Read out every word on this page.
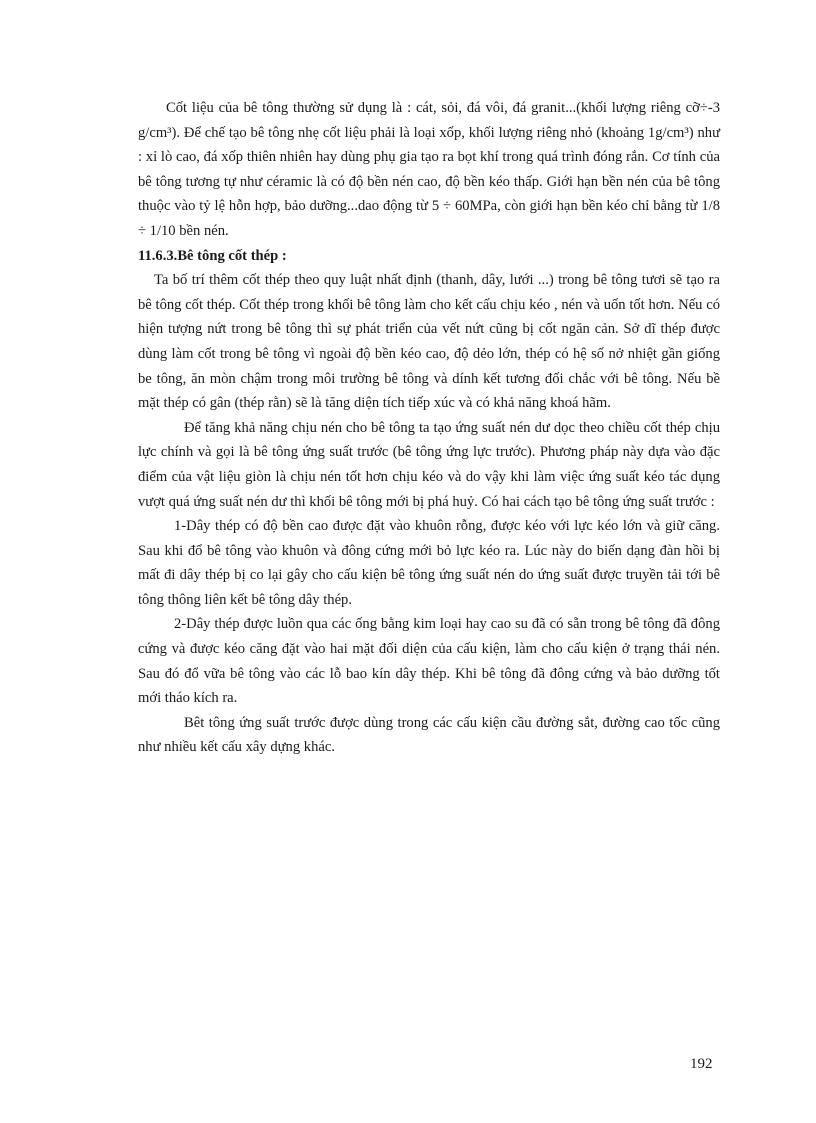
Cốt liệu của bê tông thường sử dụng là : cát, sỏi, đá vôi, đá granit...(khối lượng riêng cỡ÷-3 g/cm³). Để chế tạo bê tông nhẹ cốt liệu phải là loại xốp, khối lượng riêng nhỏ (khoảng 1g/cm³) như : xỉ lò cao, đá xốp thiên nhiên hay dùng phụ gia tạo ra bọt khí trong quá trình đóng rắn. Cơ tính của bê tông tương tự như céramic là có độ bền nén cao, độ bền kéo thấp. Giới hạn bền nén của bê tông thuộc vào tỷ lệ hỗn hợp, bảo dưỡng...dao động từ 5 ÷ 60MPa, còn giới hạn bền kéo chỉ bằng từ 1/8 ÷ 1/10 bền nén.

11.6.3.Bê tông cốt thép :

Ta bố trí thêm cốt thép theo quy luật nhất định (thanh, dây, lưới ...) trong bê tông tươi sẽ tạo ra bê tông cốt thép. Cốt thép trong khối bê tông làm cho kết cấu chịu kéo , nén và uốn tốt hơn. Nếu có hiện tượng nứt trong bê tông thì sự phát triển của vết nứt cũng bị cốt ngăn cản. Sở dĩ thép được dùng làm cốt trong bê tông vì ngoài độ bền kéo cao, độ dẻo lớn, thép có hệ số nở nhiệt gần giống be tông, ăn mòn chậm trong môi trường bê tông và dính kết tương đối chắc với bê tông. Nếu bề mặt thép có gân (thép rằn) sẽ là tăng diện tích tiếp xúc và có khả năng khoá hãm.

Để tăng khả năng chịu nén cho bê tông ta tạo ứng suất nén dư dọc theo chiều cốt thép chịu lực chính và gọi là bê tông ứng suất trước (bê tông ứng lực trước). Phương pháp này dựa vào đặc điểm của vật liệu giòn là chịu nén tốt hơn chịu kéo và do vậy khi làm việc ứng suất kéo tác dụng vượt quá ứng suất nén dư thì khối bê tông mới bị phá huỷ. Có hai cách tạo bê tông ứng suất trước :

1-Dây thép có độ bền cao được đặt vào khuôn rỗng, được kéo với lực kéo lớn và giữ căng. Sau khi đổ bê tông vào khuôn và đông cứng mới bỏ lực kéo ra. Lúc này do biến dạng đàn hồi bị mất đi dây thép bị co lại gây cho cấu kiện bê tông ứng suất nén do ứng suất được truyền tải tới bê tông thông liên kết bê tông dây thép.

2-Dây thép được luồn qua các ống bằng kim loại hay cao su đã có sẵn trong bê tông đã đông cứng và được kéo căng đặt vào hai mặt đối diện của cấu kiện, làm cho cấu kiện ở trạng thái nén. Sau đó đổ vữa bê tông vào các lỗ bao kín dây thép. Khi bê tông đã đông cứng và bảo dưỡng tốt mới tháo kích ra.

Bêt tông ứng suất trước được dùng trong các cấu kiện cầu đường sắt, đường cao tốc cũng như nhiều kết cấu xây dựng khác.

192
